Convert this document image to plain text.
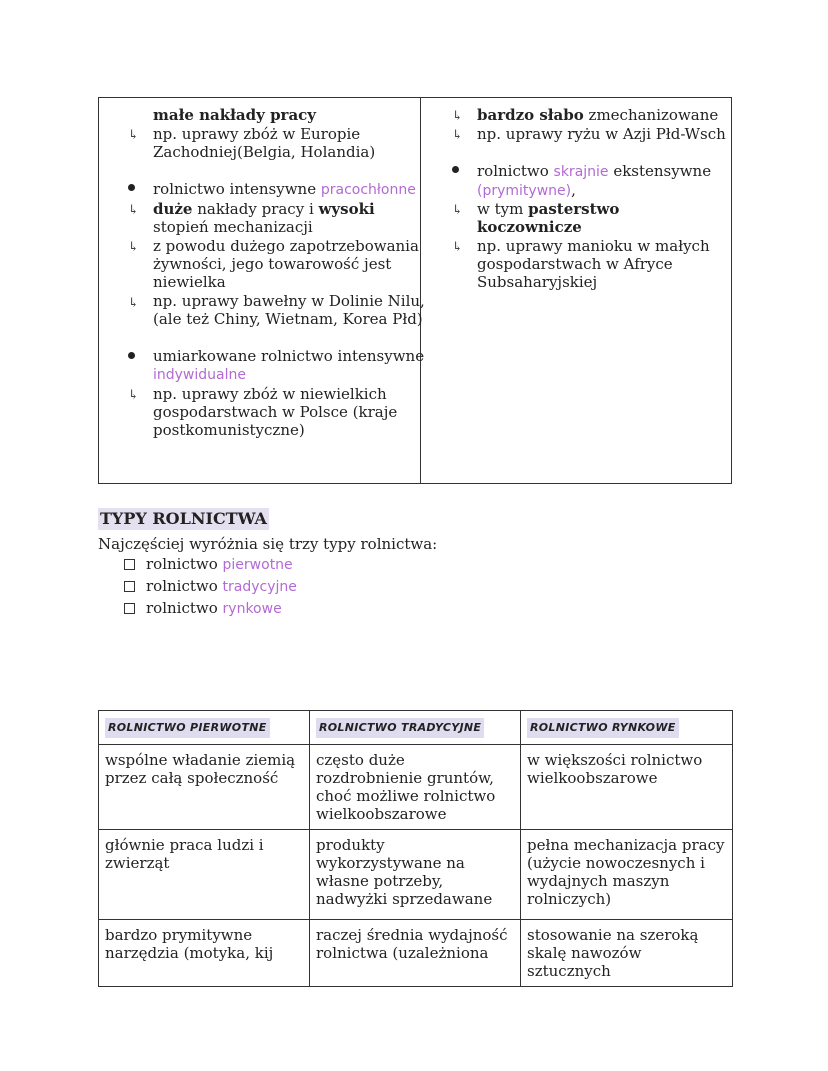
małe nakłady pracy
↳ np. uprawy zbóż w Europie
Zachodniej(Belgia, Holandia)
rolnictwo intensywne pracochłonne
↳ duże nakłady pracy i wysoki
stopień mechanizacji
↳ z powodu dużego zapotrzebowania
żywności, jego towarowość jest
niewielka
↳ np. uprawy bawełny w Dolinie Nilu,
(ale też Chiny, Wietnam, Korea Płd)
umiarkowane rolnictwo intensywne
indywidualne
↳ np. uprawy zbóż w niewielkich
gospodarstwach w Polsce (kraje
postkomunistyczne)
↳ bardzo słabo zmechanizowane
↳ np. uprawy ryżu w Azji Płd-Wsch
rolnictwo skrajnie ekstensywne
(prymitywne),
↳ w tym pasterstwo
koczownicze
↳ np. uprawy manioku w małych
gospodarstwach w Afryce
Subsaharyjskiej
TYPY ROLNICTWA
Najczęściej wyróżnia się trzy typy rolnictwa:
rolnictwo pierwotne
rolnictwo tradycyjne
rolnictwo rynkowe
ROLNICTWO PIERWOTNE	ROLNICTWO TRADYCYJNE	ROLNICTWO RYNKOWE
wspólne władanie ziemią przez całą społeczność	często duże rozdrobnienie gruntów, choć możliwe rolnictwo wielkoobszarowe	w większości rolnictwo wielkoobszarowe
głównie praca ludzi i zwierząt	produkty wykorzystywane na własne potrzeby, nadwyżki sprzedawane	pełna mechanizacja pracy (użycie nowoczesnych i wydajnych maszyn rolniczych)
bardzo prymitywne narzędzia (motyka, kij	raczej średnia wydajność rolnictwa (uzależniona	stosowanie na szeroką skalę nawozów sztucznych
